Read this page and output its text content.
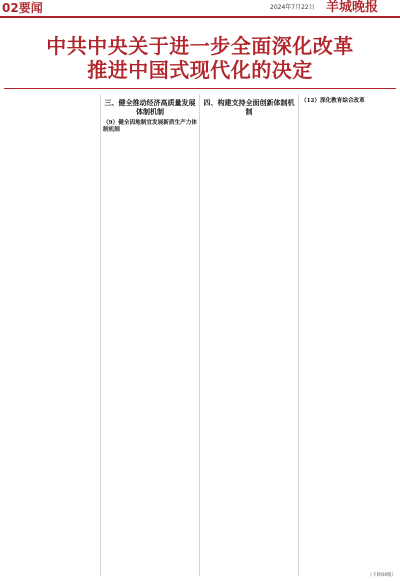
02要闻	2024年7月22日 羊城晚报
中共中央关于进一步全面深化改革
推进中国式现代化的决定
三、健全推动经济高质量发展体制机制
（9）健全因地制宜发展新质生产力体制机制
四、构建支持全面创新体制机制
（12）深化教育综合改革
（下转04版）
